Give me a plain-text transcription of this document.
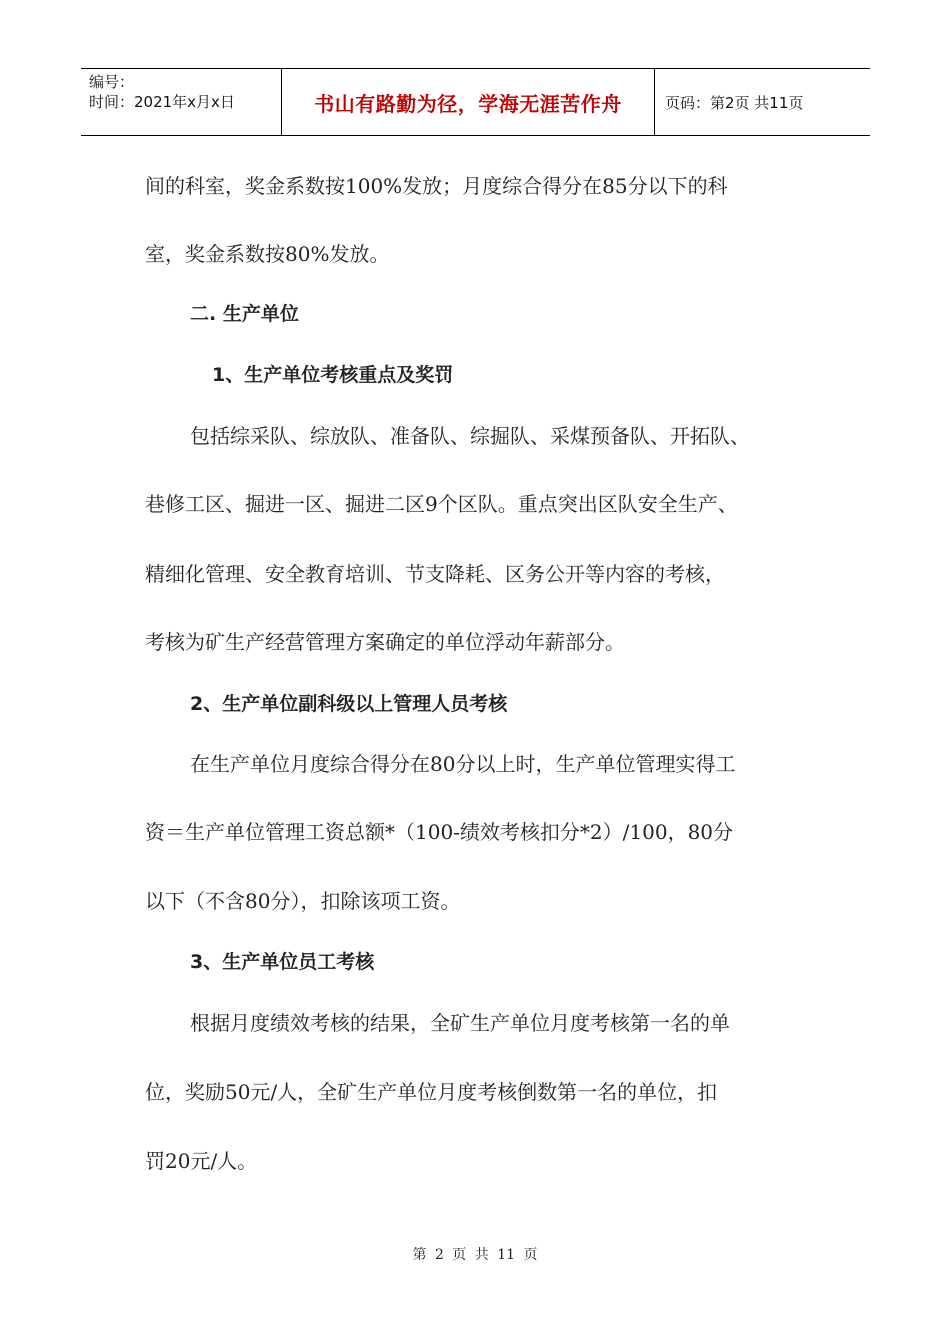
编号：
时间：2021年x月x日	书山有路勤为径，学海无涯苦作舟	页码：第2页 共11页
间的科室，奖金系数按100%发放；月度综合得分在85分以下的科
室，奖金系数按80%发放。
二. 生产单位
1、生产单位考核重点及奖罚
包括综采队、综放队、准备队、综掘队、采煤预备队、开拓队、
巷修工区、掘进一区、掘进二区9个区队。重点突出区队安全生产、
精细化管理、安全教育培训、节支降耗、区务公开等内容的考核，
考核为矿生产经营管理方案确定的单位浮动年薪部分。
2、生产单位副科级以上管理人员考核
在生产单位月度综合得分在80分以上时，生产单位管理实得工
资＝生产单位管理工资总额*（100-绩效考核扣分*2）/100，80分
以下（不含80分），扣除该项工资。
3、生产单位员工考核
根据月度绩效考核的结果，全矿生产单位月度考核第一名的单
位，奖励50元/人，全矿生产单位月度考核倒数第一名的单位，扣
罚20元/人。
第 2 页 共 11 页
